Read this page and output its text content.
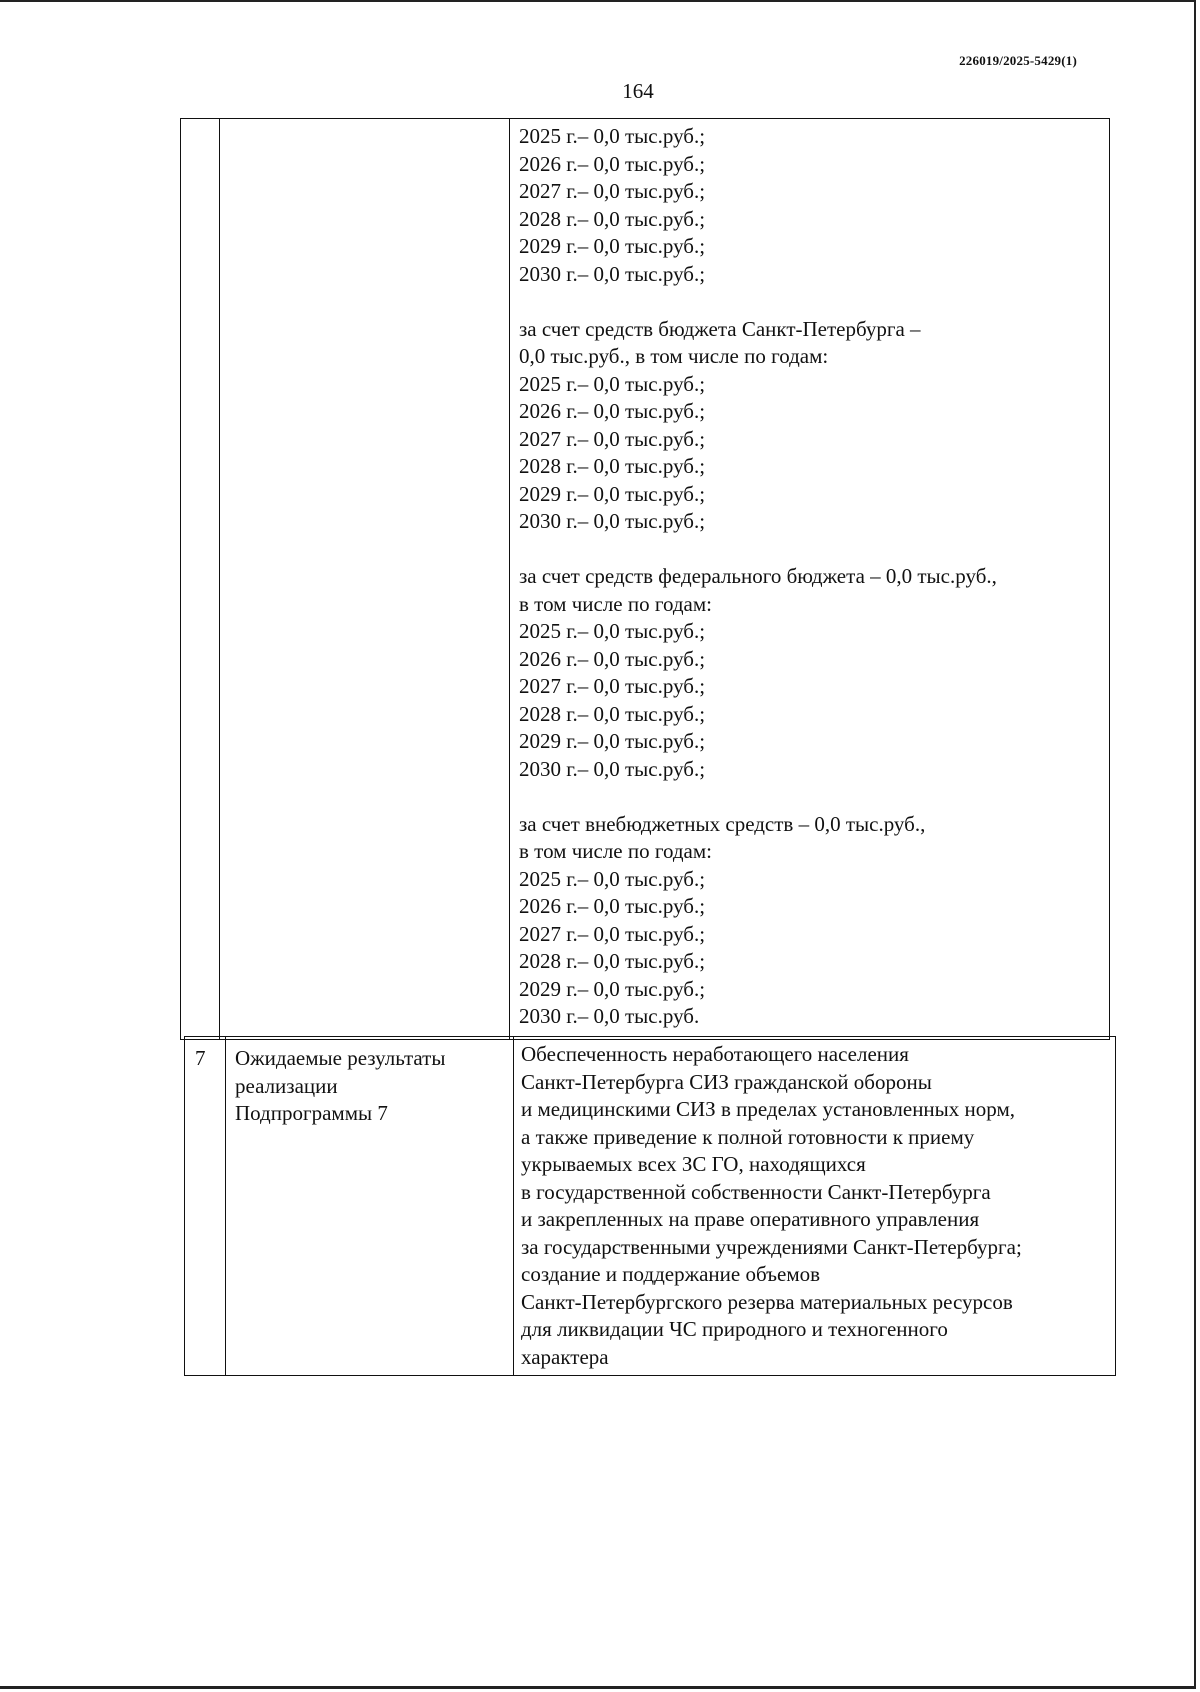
226019/2025-5429(1)
164
2025 г.– 0,0 тыс.руб.;
2026 г.– 0,0 тыс.руб.;
2027 г.– 0,0 тыс.руб.;
2028 г.– 0,0 тыс.руб.;
2029 г.– 0,0 тыс.руб.;
2030 г.– 0,0 тыс.руб.;

за счет средств бюджета Санкт-Петербурга –
0,0 тыс.руб., в том числе по годам:
2025 г.– 0,0 тыс.руб.;
2026 г.– 0,0 тыс.руб.;
2027 г.– 0,0 тыс.руб.;
2028 г.– 0,0 тыс.руб.;
2029 г.– 0,0 тыс.руб.;
2030 г.– 0,0 тыс.руб.;

за счет средств федерального бюджета – 0,0 тыс.руб.,
в том числе по годам:
2025 г.– 0,0 тыс.руб.;
2026 г.– 0,0 тыс.руб.;
2027 г.– 0,0 тыс.руб.;
2028 г.– 0,0 тыс.руб.;
2029 г.– 0,0 тыс.руб.;
2030 г.– 0,0 тыс.руб.;

за счет внебюджетных средств – 0,0 тыс.руб.,
в том числе по годам:
2025 г.– 0,0 тыс.руб.;
2026 г.– 0,0 тыс.руб.;
2027 г.– 0,0 тыс.руб.;
2028 г.– 0,0 тыс.руб.;
2029 г.– 0,0 тыс.руб.;
2030 г.– 0,0 тыс.руб.
7 Ожидаемые результаты
реализации
Подпрограммы 7
Обеспеченность неработающего населения
Санкт-Петербурга СИЗ гражданской обороны
и медицинскими СИЗ в пределах установленных норм,
а также приведение к полной готовности к приему
укрываемых всех ЗС ГО, находящихся
в государственной собственности Санкт-Петербурга
и закрепленных на праве оперативного управления
за государственными учреждениями Санкт-Петербурга;
создание и поддержание объемов
Санкт-Петербургского резерва материальных ресурсов
для ликвидации ЧС природного и техногенного
характера
